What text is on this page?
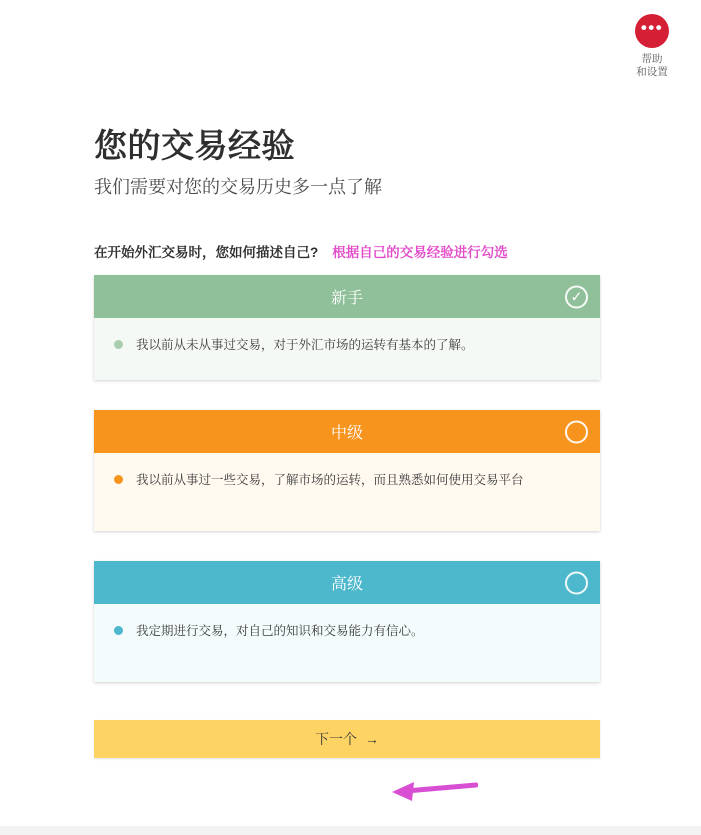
•••
帮助
和设置
您的交易经验

我们需要对您的交易历史多一点了解

在开始外汇交易时，您如何描述自己? 根据自己的交易经验进行勾选
新手	✓
我以前从未从事过交易，对于外汇市场的运转有基本的了解。
中级
我以前从事过一些交易，了解市场的运转，而且熟悉如何使用交易平台
高级
我定期进行交易，对自己的知识和交易能力有信心。
下一个 →
